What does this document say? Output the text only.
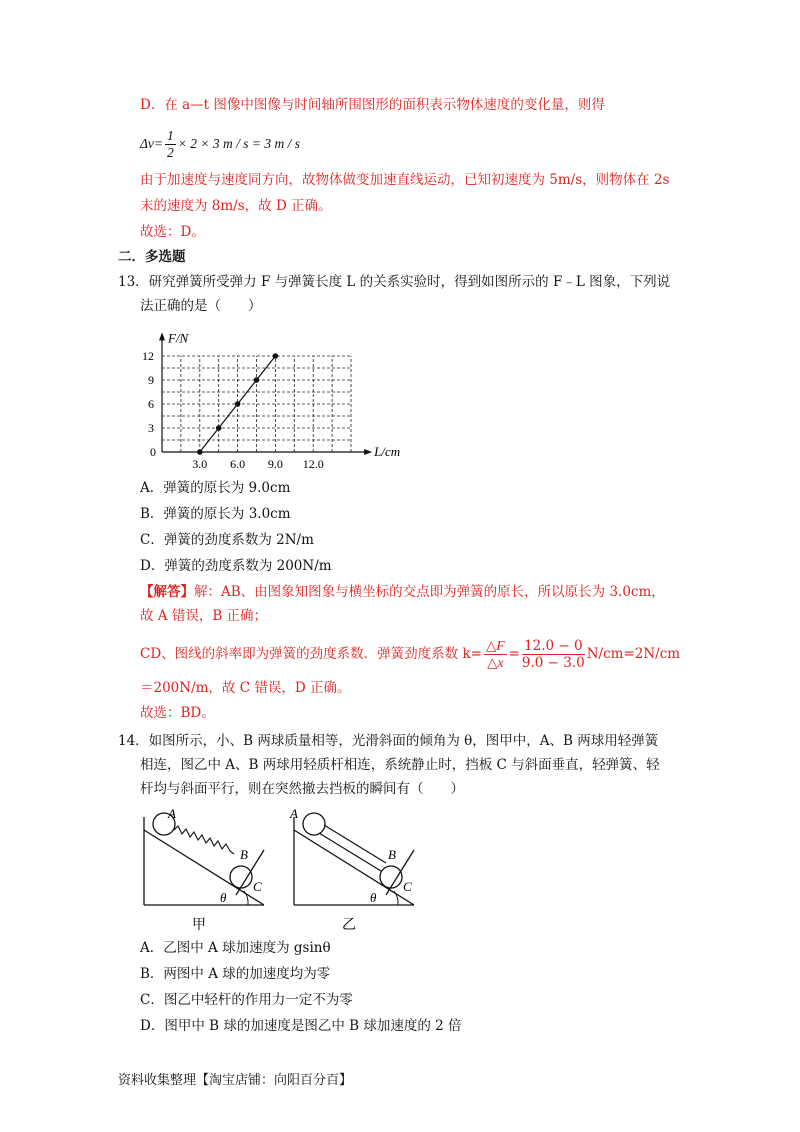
D．在 a—t 图像中图像与时间轴所围图形的面积表示物体速度的变化量，则得
$\Delta v= \frac{1}{2} \times 2 \times 3$ m / s = 3 m / s
由于加速度与速度同方向，故物体做变加速直线运动，已知初速度为 5m/s，则物体在 2s
末的速度为 8m/s，故 D 正确。
故选：D。
二．多选题
13．研究弹簧所受弹力 F 与弹簧长度 L 的关系实验时，得到如图所示的 F﹣L 图象，下列说
法正确的是（　　）
F/N
L/cm
0
3.0 6.0 9.0 12.0
3
6
9
12
A．弹簧的原长为 9.0cm
B．弹簧的原长为 3.0cm
C．弹簧的劲度系数为 2N/m
D．弹簧的劲度系数为 200N/m
【解答】解：AB、由图象知图象与横坐标的交点即为弹簧的原长，所以原长为 3.0cm，
故 A 错误，B 正确；
CD、图线的斜率即为弹簧的劲度系数．弹簧劲度系数 $k= \frac{\triangle F}{\triangle x} = \frac{12.0 - 0}{9.0 - 3.0} N/cm=2N/cm$
＝200N/m，故 C 错误，D 正确。
故选：BD。
14．如图所示，小、B 两球质量相等，光滑斜面的倾角为 θ，图甲中，A、B 两球用轻弹簧
相连，图乙中 A、B 两球用轻质杆相连，系统静止时，挡板 C 与斜面垂直，轻弹簧、轻
杆均与斜面平行，则在突然撤去挡板的瞬间有（　　）
A
B
C
θ
甲
A
B
C
θ
乙
A．乙图中 A 球加速度为 gsinθ
B．两图中 A 球的加速度均为零
C．图乙中轻杆的作用力一定不为零
D．图甲中 B 球的加速度是图乙中 B 球加速度的 2 倍
资料收集整理【淘宝店铺：向阳百分百】
